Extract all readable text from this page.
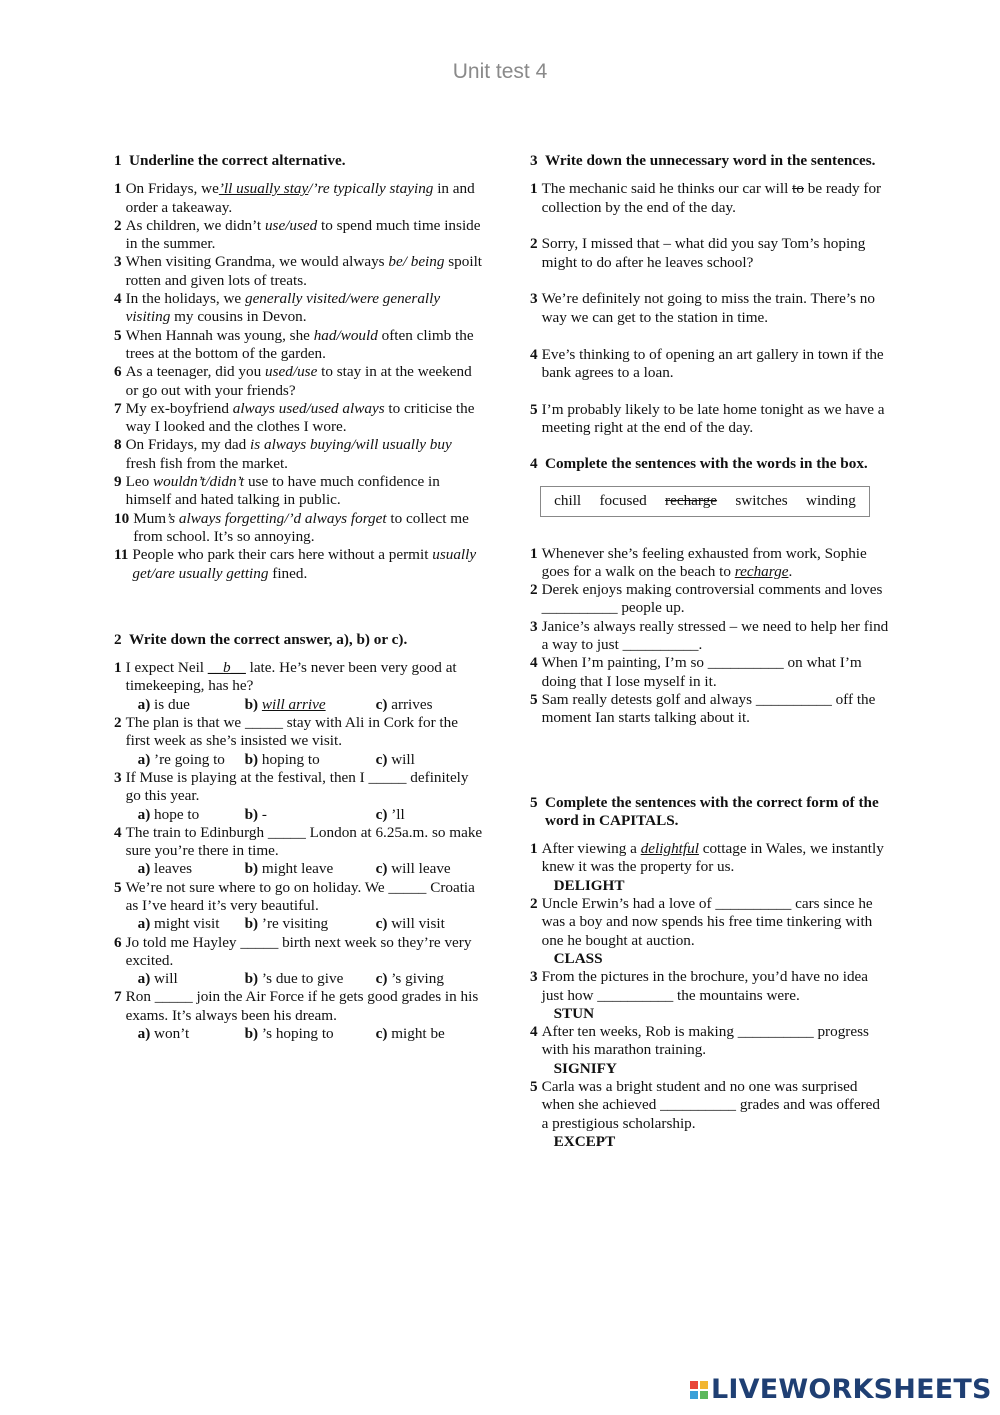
Unit test 4
1 Underline the correct alternative.
1 On Fridays, we’ll usually stay/’re typically staying in and order a takeaway.
2 As children, we didn’t use/used to spend much time inside in the summer.
3 When visiting Grandma, we would always be/ being spoilt rotten and given lots of treats.
4 In the holidays, we generally visited/were generally visiting my cousins in Devon.
5 When Hannah was young, she had/would often climb the trees at the bottom of the garden.
6 As a teenager, did you used/use to stay in at the weekend or go out with your friends?
7 My ex-boyfriend always used/used always to criticise the way I looked and the clothes I wore.
8 On Fridays, my dad is always buying/will usually buy fresh fish from the market.
9 Leo wouldn’t/didn’t use to have much confidence in himself and hated talking in public.
10 Mum’s always forgetting/’d always forget to collect me from school. It’s so annoying.
11 People who park their cars here without a permit usually get/are usually getting fined.
2 Write down the correct answer, a), b) or c).
1 I expect Neil __b__ late. He’s never been very good at timekeeping, has he?
a) is due	b) will arrive	c) arrives
2 The plan is that we _____ stay with Ali in Cork for the first week as she’s insisted we visit.
a) ’re going to	b) hoping to	c) will
3 If Muse is playing at the festival, then I _____ definitely go this year.
a) hope to	b) -	c) ’ll
4 The train to Edinburgh _____ London at 6.25a.m. so make sure you’re there in time.
a) leaves	b) might leave	c) will leave
5 We’re not sure where to go on holiday. We _____ Croatia as I’ve heard it’s very beautiful.
a) might visit	b) ’re visiting	c) will visit
6 Jo told me Hayley _____ birth next week so they’re very excited.
a) will	b) ’s due to give	c) ’s giving
7 Ron _____ join the Air Force if he gets good grades in his exams. It’s always been his dream.
a) won’t	b) ’s hoping to	c) might be
3 Write down the unnecessary word in the sentences.
1 The mechanic said he thinks our car will to be ready for collection by the end of the day.
2 Sorry, I missed that – what did you say Tom’s hoping might to do after he leaves school?
3 We’re definitely not going to miss the train. There’s no way we can get to the station in time.
4 Eve’s thinking to of opening an art gallery in town if the bank agrees to a loan.
5 I’m probably likely to be late home tonight as we have a meeting right at the end of the day.
4 Complete the sentences with the words in the box.
chill focused recharge switches winding
1 Whenever she’s feeling exhausted from work, Sophie goes for a walk on the beach to recharge.
2 Derek enjoys making controversial comments and loves __________ people up.
3 Janice’s always really stressed – we need to help her find a way to just __________.
4 When I’m painting, I’m so __________ on what I’m doing that I lose myself in it.
5 Sam really detests golf and always __________ off the moment Ian starts talking about it.
5 Complete the sentences with the correct form of the word in CAPITALS.
1 After viewing a delightful cottage in Wales, we instantly knew it was the property for us.
DELIGHT
2 Uncle Erwin’s had a love of __________ cars since he was a boy and now spends his free time tinkering with one he bought at auction.
CLASS
3 From the pictures in the brochure, you’d have no idea just how __________ the mountains were.
STUN
4 After ten weeks, Rob is making __________ progress with his marathon training.
SIGNIFY
5 Carla was a bright student and no one was surprised when she achieved __________ grades and was offered a prestigious scholarship.
EXCEPT
LIVEWORKSHEETS
